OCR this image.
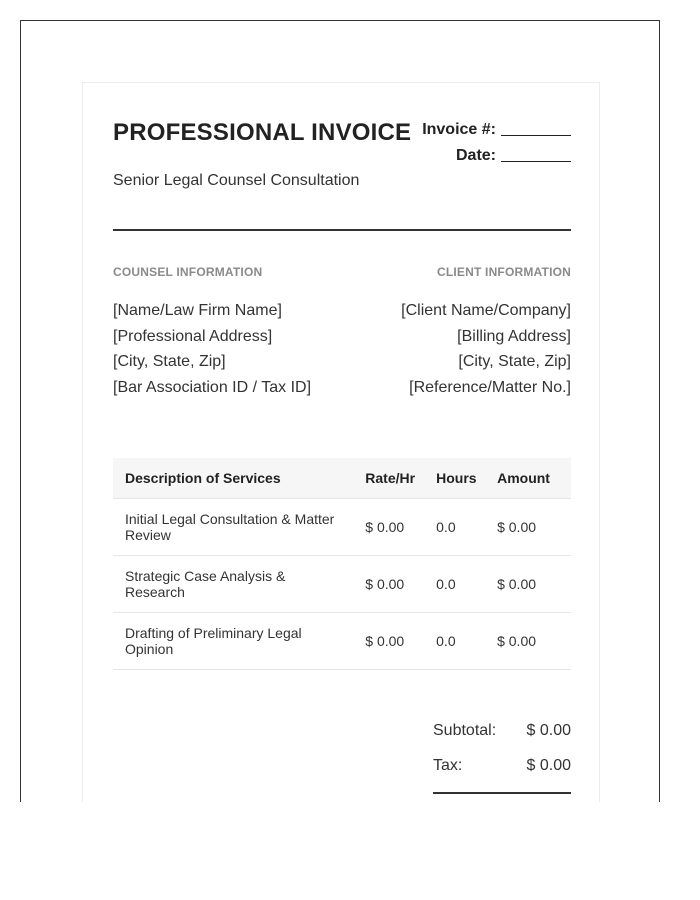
PROFESSIONAL INVOICE Invoice #:
Date:
Senior Legal Counsel Consultation
COUNSEL INFORMATION	CLIENT INFORMATION
[Name/Law Firm Name]
[Professional Address]
[City, State, Zip]
[Bar Association ID / Tax ID]
[Client Name/Company]
[Billing Address]
[City, State, Zip]
[Reference/Matter No.]
Description of Services	Rate/Hr	Hours	Amount

Initial Legal Consultation & Matter Review	$ 0.00	0.0	$ 0.00

Strategic Case Analysis & Research	$ 0.00	0.0	$ 0.00

Drafting of Preliminary Legal Opinion	$ 0.00	0.0	$ 0.00
Subtotal: $ 0.00
Tax:	$ 0.00
